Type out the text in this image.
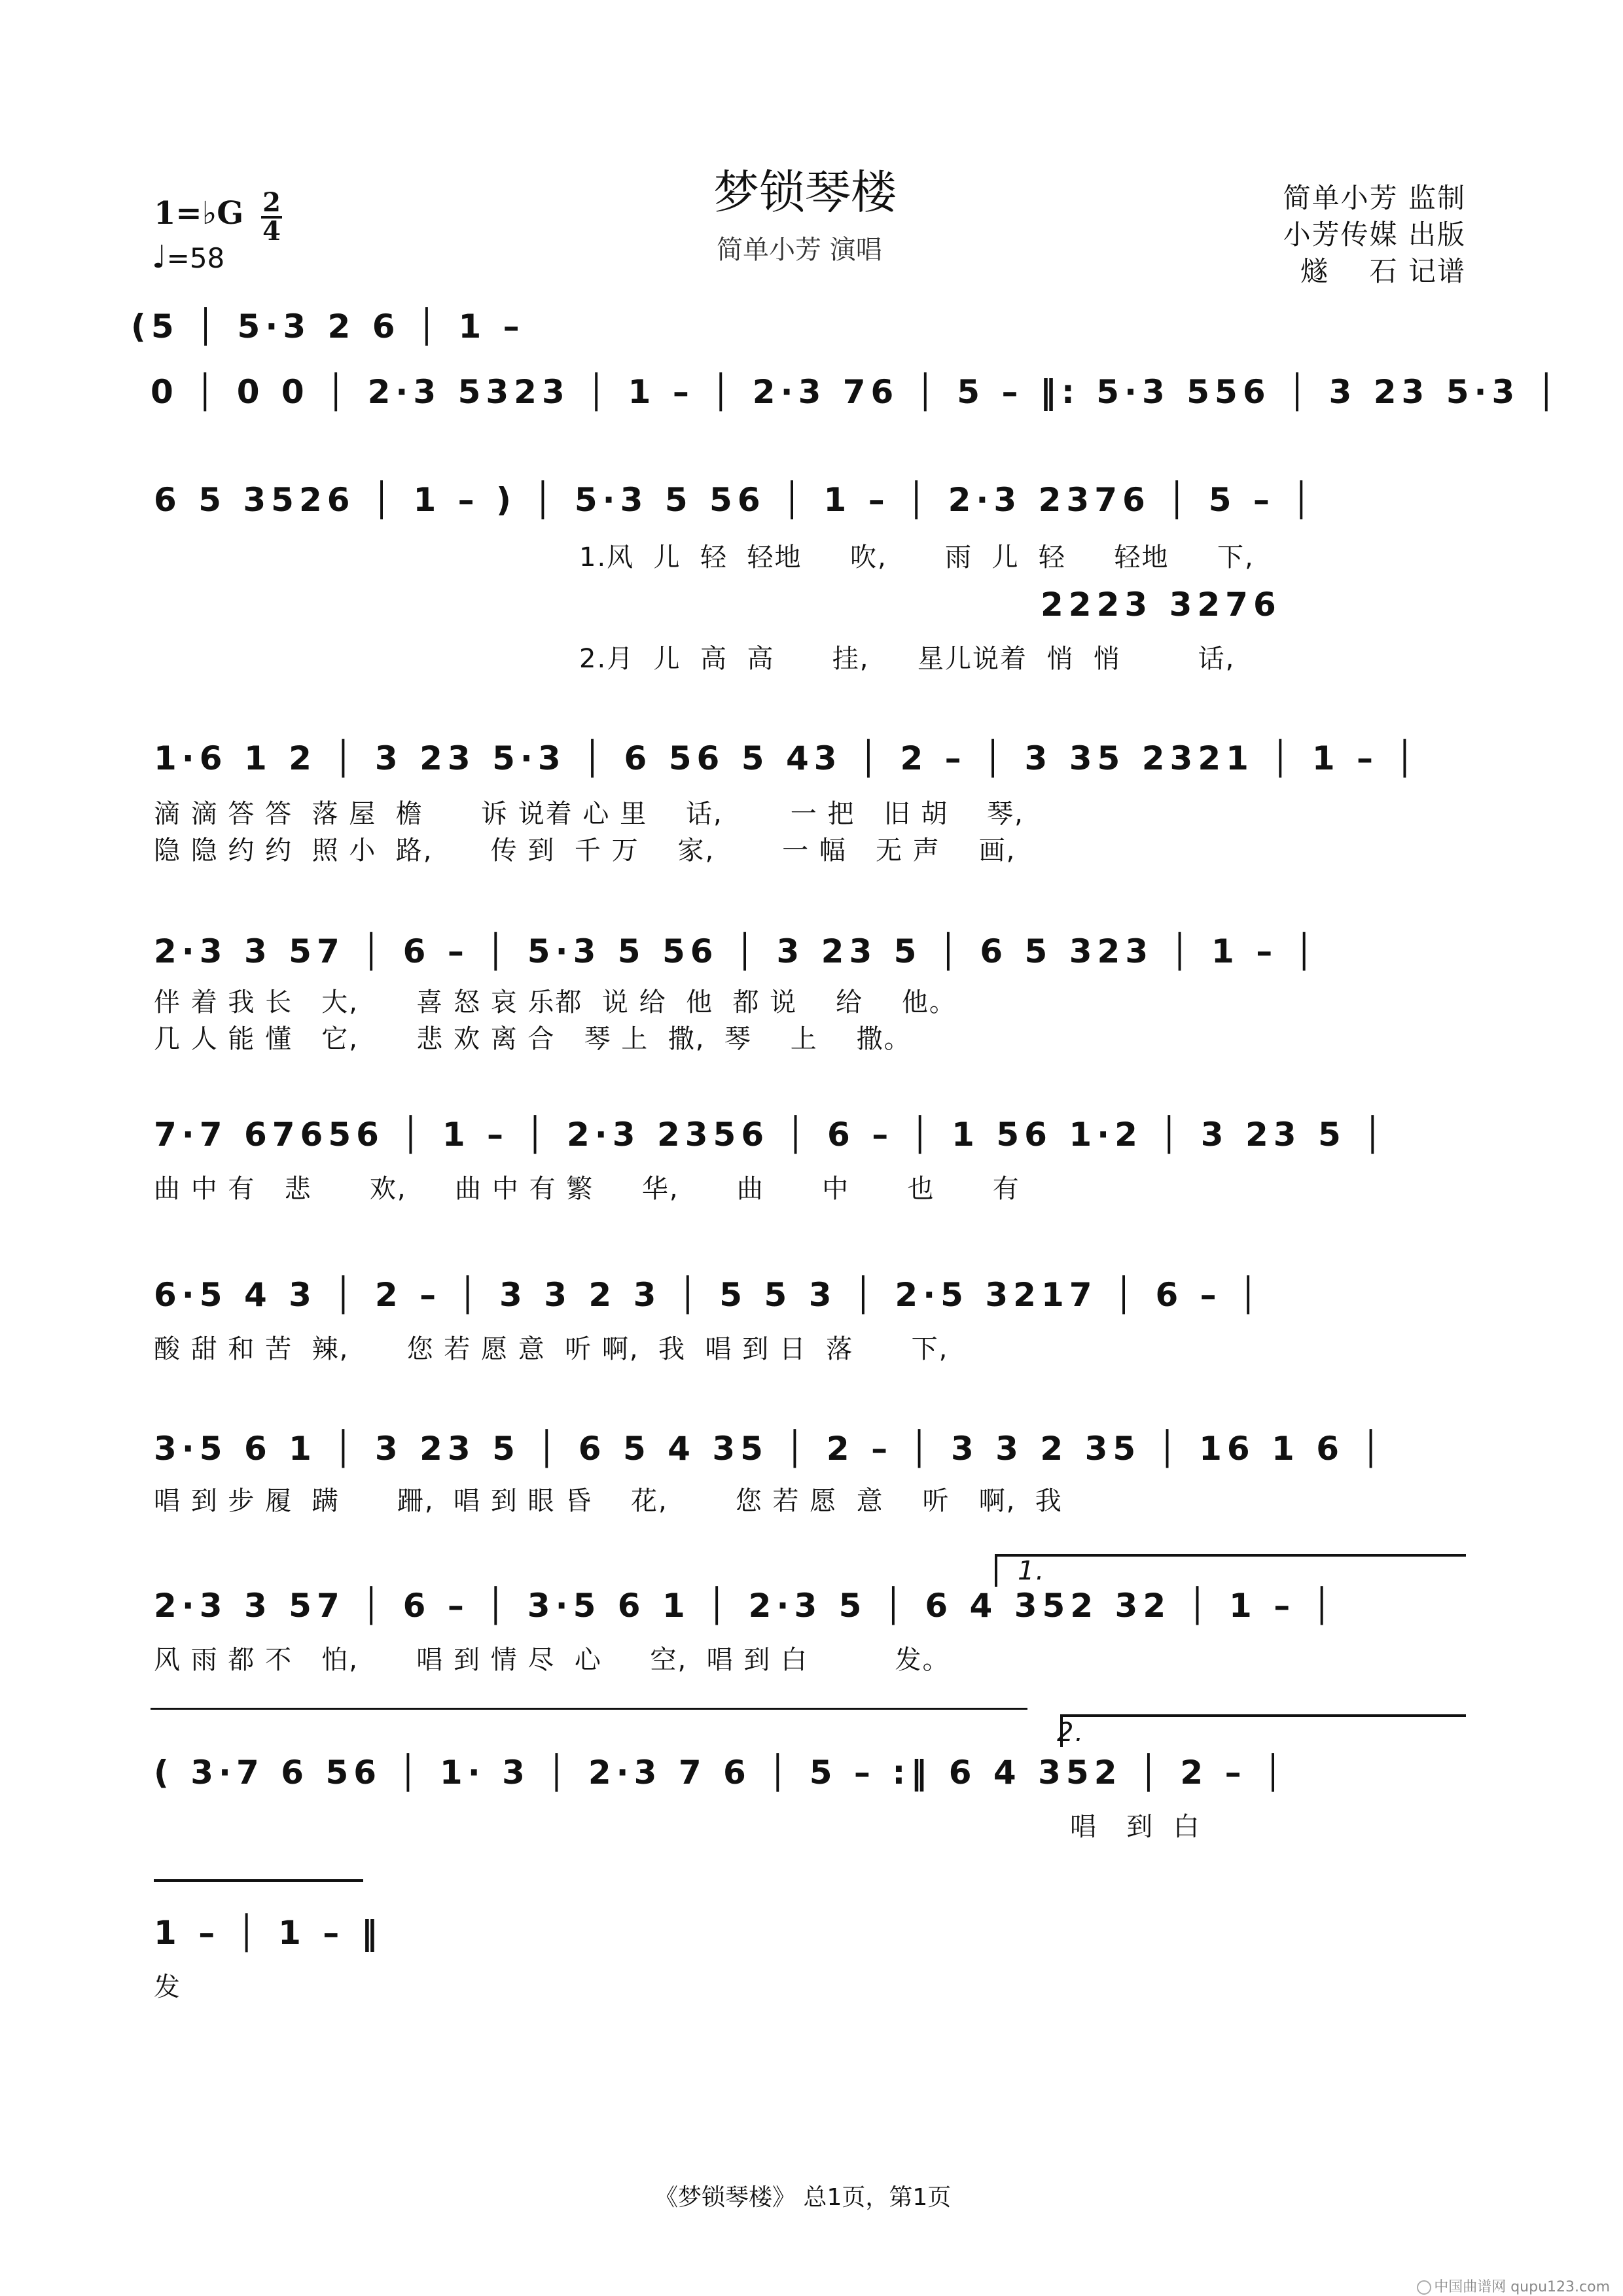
梦锁琴楼
简单小芳 演唱
简单小芳 监制
小芳传媒 出版
燧    石 记谱
1=♭G 2
4
♩=58
(5 │ 5·3 2 6 │ 1 –
0 │ 0 0 │ 2·3 5323 │ 1 – │ 2·3 76 │ 5 – ‖: 5·3 556 │ 3 23 5·3 │
6 5 3526 │ 1 – ) │ 5·3 5 56 │ 1 – │ 2·3 2376 │ 5 – │
1.风  儿  轻  轻地     吹,      雨  儿  轻     轻地     下,
2223 3276
2.月  儿  高  高      挂,     星儿说着  悄  悄        话,
1·6 1 2 │ 3 23 5·3 │ 6 56 5 43 │ 2 – │ 3 35 2321 │ 1 – │
滴 滴 答 答  落 屋  檐      诉 说着 心 里    话,       一 把   旧 胡    琴,
隐 隐 约 约  照 小  路,      传 到  千 万    家,       一 幅   无 声    画,
2·3 3 57 │ 6 – │ 5·3 5 56 │ 3 23 5 │ 6 5 323 │ 1 – │
伴 着 我 长   大,      喜 怒 哀 乐都  说 给  他  都 说    给    他。
几 人 能 懂   它,      悲 欢 离 合   琴 上  撒,  琴    上    撒。
7·7 67656 │ 1 – │ 2·3 2356 │ 6 – │ 1 56 1·2 │ 3 23 5 │
曲 中 有   悲      欢,     曲 中 有 繁     华,      曲      中      也      有
6·5 4 3 │ 2 – │ 3 3 2 3 │ 5 5 3 │ 2·5 3217 │ 6 – │
酸 甜 和 苦  辣,      您 若 愿 意  听 啊,  我  唱 到 日  落      下,
3·5 6 1 │ 3 23 5 │ 6 5 4 35 │ 2 – │ 3 3 2 35 │ 16 1 6 │
唱 到 步 履  蹒      跚,  唱 到 眼 昏    花,       您 若 愿  意    听   啊,  我
1.
2·3 3 57 │ 6 – │ 3·5 6 1 │ 2·3 5 │ 6 4 352 32 │ 1 – │
风 雨 都 不   怕,      唱 到 情 尽  心     空,  唱 到 白         发。
2.
( 3·7 6 56 │ 1· 3 │ 2·3 7 6 │ 5 – :‖ 6 4 352 │ 2 – │
唱   到  白
1 – │ 1 – ‖
发
《梦锁琴楼》 总1页，第1页
中国曲谱网 qupu123.com
